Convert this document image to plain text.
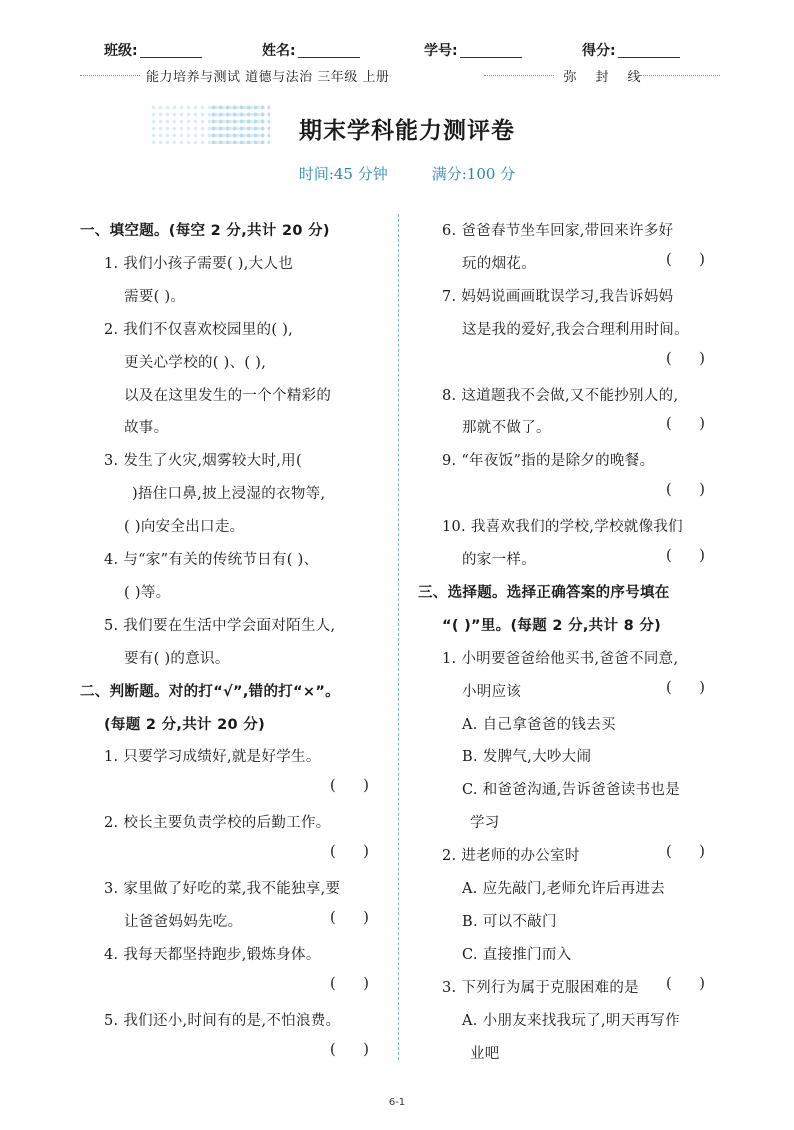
班级:	姓名:	学号:	得分:
能力培养与测试 道德与法治 三年级 上册	弥 封 线
期末学科能力测评卷
时间:45 分钟	满分:100 分
一、填空题。(每空 2 分,共计 20 分)
1. 我们小孩子需要( ),大人也
需要( )。
2. 我们不仅喜欢校园里的( ),
更关心学校的( )、( ),
以及在这里发生的一个个精彩的
故事。
3. 发生了火灾,烟雾较大时,用(
)捂住口鼻,披上浸湿的衣物等,
( )向安全出口走。
4. 与“家”有关的传统节日有( )、
( )等。
5. 我们要在生活中学会面对陌生人,
要有( )的意识。
二、判断题。对的打“√”,错的打“×”。
(每题 2 分,共计 20 分)
1. 只要学习成绩好,就是好学生。
(      )
2. 校长主要负责学校的后勤工作。
(      )
3. 家里做了好吃的菜,我不能独享,要
让爸爸妈妈先吃。	(      )
4. 我每天都坚持跑步,锻炼身体。
(      )
5. 我们还小,时间有的是,不怕浪费。
(      )
6. 爸爸春节坐车回家,带回来许多好
玩的烟花。	(      )
7. 妈妈说画画耽误学习,我告诉妈妈
这是我的爱好,我会合理利用时间。
(      )
8. 这道题我不会做,又不能抄别人的,
那就不做了。	(      )
9. “年夜饭”指的是除夕的晚餐。
(      )
10. 我喜欢我们的学校,学校就像我们
的家一样。	(      )
三、选择题。选择正确答案的序号填在
“( )”里。(每题 2 分,共计 8 分)
1. 小明要爸爸给他买书,爸爸不同意,
小明应该	(      )
A. 自己拿爸爸的钱去买
B. 发脾气,大吵大闹
C. 和爸爸沟通,告诉爸爸读书也是
学习
2. 进老师的办公室时	(      )
A. 应先敲门,老师允许后再进去
B. 可以不敲门
C. 直接推门而入
3. 下列行为属于克服困难的是 (      )
A. 小朋友来找我玩了,明天再写作
业吧
6-1
